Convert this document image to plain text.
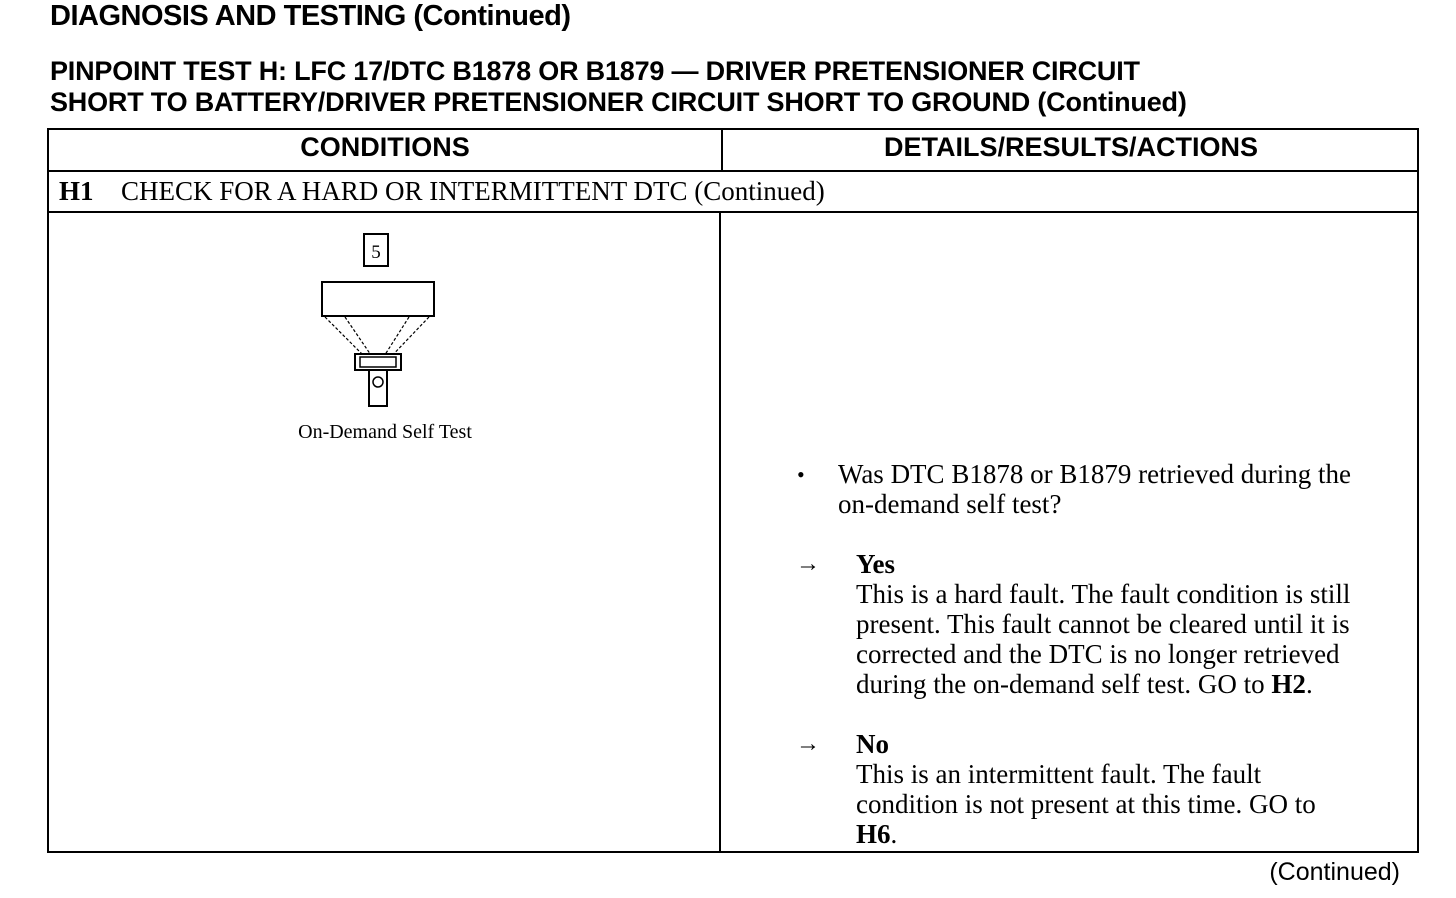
DIAGNOSIS AND TESTING (Continued)
PINPOINT TEST H: LFC 17/DTC B1878 OR B1879 — DRIVER PRETENSIONER CIRCUIT
SHORT TO BATTERY/DRIVER PRETENSIONER CIRCUIT SHORT TO GROUND (Continued)
CONDITIONS	DETAILS/RESULTS/ACTIONS
H1 CHECK FOR A HARD OR INTERMITTENT DTC (Continued)
5
On-Demand Self Test
• Was DTC B1878 or B1879 retrieved during the
on-demand self test?
→ Yes
This is a hard fault. The fault condition is still
present. This fault cannot be cleared until it is
corrected and the DTC is no longer retrieved
during the on-demand self test. GO to H2.
→ No
This is an intermittent fault. The fault
condition is not present at this time. GO to
H6.
(Continued)
